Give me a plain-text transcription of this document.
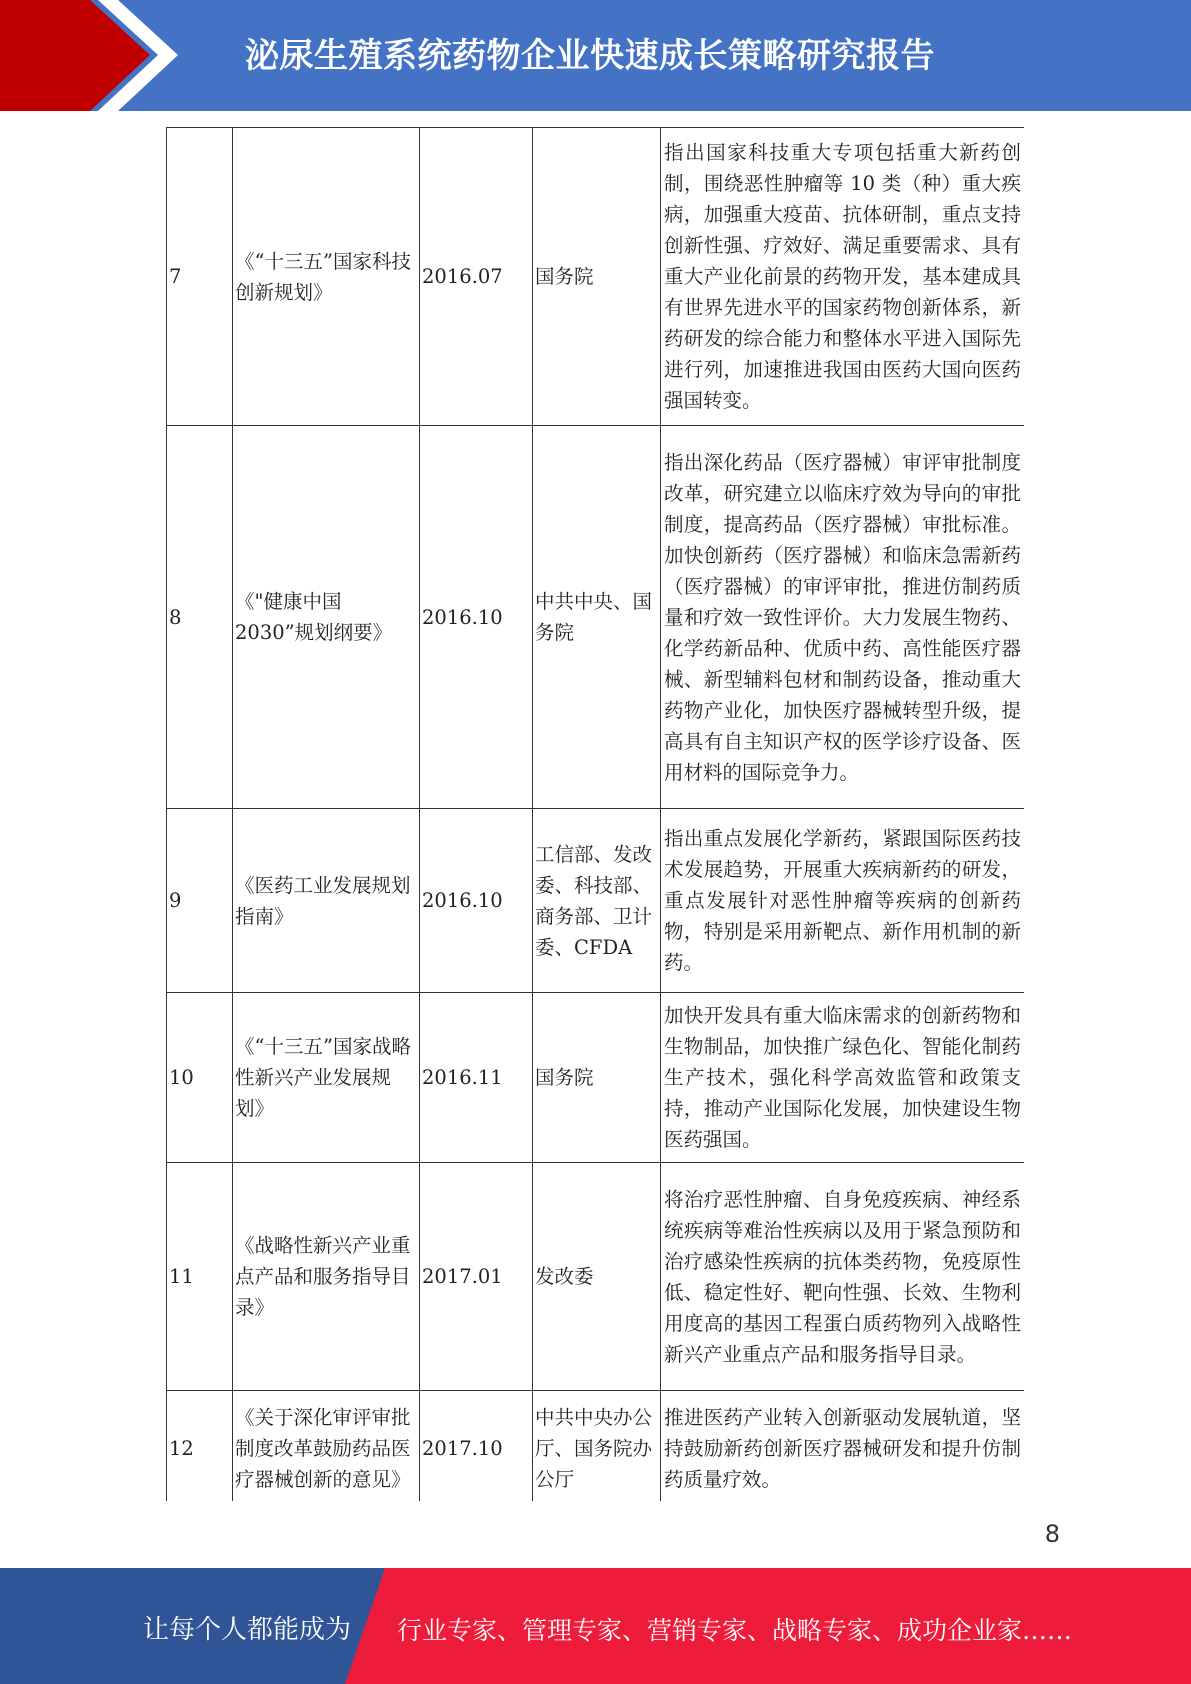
泌尿生殖系统药物企业快速成长策略研究报告
7	《“十三五”国家科技创新规划》	2016.07	国务院	指出国家科技重大专项包括重大新药创制，围绕恶性肿瘤等 10 类（种）重大疾病，加强重大疫苗、抗体研制，重点支持创新性强、疗效好、满足重要需求、具有重大产业化前景的药物开发，基本建成具有世界先进水平的国家药物创新体系，新药研发的综合能力和整体水平进入国际先进行列，加速推进我国由医药大国向医药强国转变。
8	《"健康中国 2030”规划纲要》	2016.10	中共中央、国务院	指出深化药品（医疗器械）审评审批制度改革，研究建立以临床疗效为导向的审批制度，提高药品（医疗器械）审批标准。加快创新药（医疗器械）和临床急需新药（医疗器械）的审评审批，推进仿制药质量和疗效一致性评价。大力发展生物药、化学药新品种、优质中药、高性能医疗器械、新型辅料包材和制药设备，推动重大药物产业化，加快医疗器械转型升级，提高具有自主知识产权的医学诊疗设备、医用材料的国际竞争力。
9	《医药工业发展规划指南》	2016.10	工信部、发改委、科技部、商务部、卫计委、CFDA	指出重点发展化学新药，紧跟国际医药技术发展趋势，开展重大疾病新药的研发，重点发展针对恶性肿瘤等疾病的创新药物，特别是采用新靶点、新作用机制的新药。
10	《“十三五”国家战略性新兴产业发展规划》	2016.11	国务院	加快开发具有重大临床需求的创新药物和生物制品，加快推广绿色化、智能化制药生产技术，强化科学高效监管和政策支持，推动产业国际化发展，加快建设生物医药强国。
11	《战略性新兴产业重点产品和服务指导目录》	2017.01	发改委	将治疗恶性肿瘤、自身免疫疾病、神经系统疾病等难治性疾病以及用于紧急预防和治疗感染性疾病的抗体类药物，免疫原性低、稳定性好、靶向性强、长效、生物利用度高的基因工程蛋白质药物列入战略性新兴产业重点产品和服务指导目录。
12	《关于深化审评审批制度改革鼓励药品医疗器械创新的意见》	2017.10	中共中央办公厅、国务院办公厅	推进医药产业转入创新驱动发展轨道，坚持鼓励新药创新医疗器械研发和提升仿制药质量疗效。
8
让每个人都能成为 行业专家、管理专家、营销专家、战略专家、成功企业家……
